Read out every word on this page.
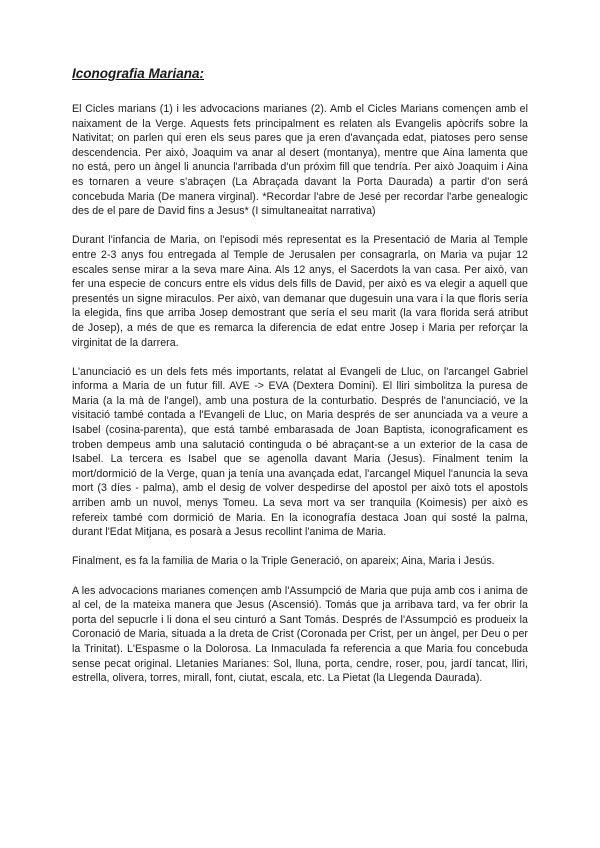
Iconografia Mariana:

El Cicles marians (1) i les advocacions marianes (2). Amb el Cicles Marians començen amb el naixament de la Verge. Aquests fets principalment es relaten als Evangelis apòcrifs sobre la Nativitat; on parlen qui eren els seus pares que ja eren d'avançada edat, piatoses pero sense descendencia. Per això, Joaquim va anar al desert (montanya), mentre que Aina lamenta que no está, pero un àngel li anuncia l'arribada d'un próxim fill que tendría. Per això Joaquim i Aina es tornaren a veure s'abraçen (La Abraçada davant la Porta Daurada) a partir d'on será concebuda Maria (De manera virginal). *Recordar l'abre de Jesé per recordar l'arbe genealogic des de el pare de David fins a Jesus* (I simultaneaitat narrativa)

Durant l'infancia de Maria, on l'episodi més representat es la Presentació de Maria al Temple entre 2-3 anys fou entregada al Temple de Jerusalen per consagrarla, on Maria va pujar 12 escales sense mirar a la seva mare Aina. Als 12 anys, el Sacerdots la van casa. Per això, van fer una especie de concurs entre els vidus dels fills de David, per això es va elegir a aquell que presentés un signe miraculos. Per això, van demanar que dugesuin una vara i la que floris sería la elegida, fins que arriba Josep demostrant que sería el seu marit (la vara florida será atribut de Josep), a més de que es remarca la diferencia de edat entre Josep i Maria per reforçar la virginitat de la darrera.

L'anunciació es un dels fets més importants, relatat al Evangeli de Lluc, on l'arcangel Gabriel informa a Maria de un futur fill. AVE -> EVA (Dextera Domini). El lliri simbolitza la puresa de Maria (a la mà de l'angel), amb una postura de la conturbatio. Després de l'anunciació, ve la visitació també contada a l'Evangeli de Lluc, on Maria després de ser anunciada va a veure a Isabel (cosina-parenta), que está també embarasada de Joan Baptista, iconograficament es troben dempeus amb una salutació continguda o bé abraçant-se a un exterior de la casa de Isabel. La tercera es Isabel que se agenolla davant Maria (Jesus). Finalment tenim la mort/dormició de la Verge, quan ja tenía una avançada edat, l'arcangel Miquel l'anuncia la seva mort (3 díes - palma), amb el desig de volver despedirse del apostol per això tots el apostols arriben amb un nuvol, menys Tomeu. La seva mort va ser tranquila (Koimesis) per això es refereix també com dormició de Maria. En la iconografía destaca Joan qui sosté la palma, durant l'Edat Mitjana, es posarà a Jesus recollint l'anima de Maria.

Finalment, es fa la familia de Maria o la Triple Generació, on apareix; Aina, Maria i Jesús.

A les advocacions marianes començen amb l'Assumpció de Maria que puja amb cos i anima de al cel, de la mateixa manera que Jesus (Ascensió). Tomás que ja arribava tard, va fer obrir la porta del sepucrle i li dona el seu cinturó a Sant Tomás. Després de l'Assumpció es produeix la Coronació de Maria, situada a la dreta de Crist (Coronada per Crist, per un àngel, per Deu o per la Trinitat). L'Espasme o la Dolorosa. La Inmaculada fa referencia a que Maria fou concebuda sense pecat original. Lletanies Marianes: Sol, lluna, porta, cendre, roser, pou, jardí tancat, lliri, estrella, olivera, torres, mirall, font, ciutat, escala, etc. La Pietat (la Llegenda Daurada).
